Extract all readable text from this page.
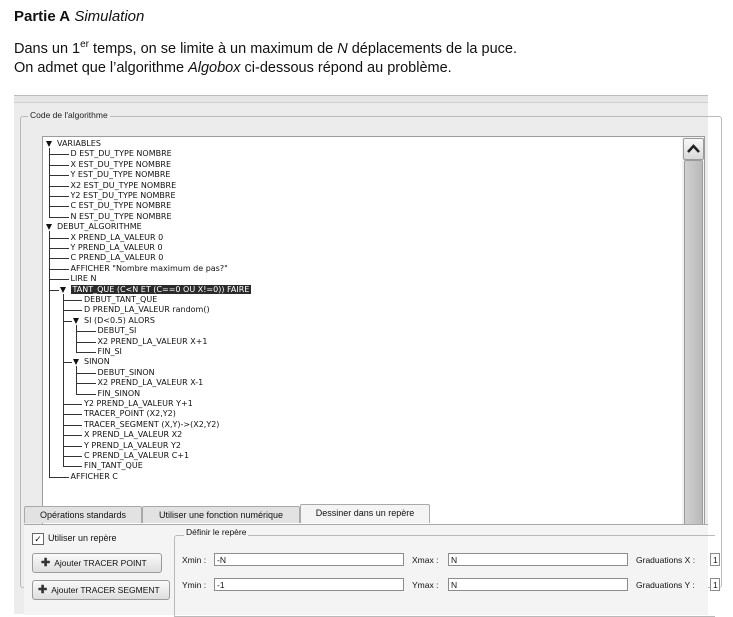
Partie A Simulation
Dans un 1er temps, on se limite à un maximum de N déplacements de la puce.
On admet que l’algorithme Algobox ci-dessous répond au problème.
Code de l'algorithme
VARIABLES
D EST_DU_TYPE NOMBRE
X EST_DU_TYPE NOMBRE
Y EST_DU_TYPE NOMBRE
X2 EST_DU_TYPE NOMBRE
Y2 EST_DU_TYPE NOMBRE
C EST_DU_TYPE NOMBRE
N EST_DU_TYPE NOMBRE
DEBUT_ALGORITHME
X PREND_LA_VALEUR 0
Y PREND_LA_VALEUR 0
C PREND_LA_VALEUR 0
AFFICHER "Nombre maximum de pas?"
LIRE N
TANT_QUE (C<N ET (C==0 OU X!=0)) FAIRE
DEBUT_TANT_QUE
D PREND_LA_VALEUR random()
SI (D<0.5) ALORS
DEBUT_SI
X2 PREND_LA_VALEUR X+1
FIN_SI
SINON
DEBUT_SINON
X2 PREND_LA_VALEUR X-1
FIN_SINON
Y2 PREND_LA_VALEUR Y+1
TRACER_POINT (X2,Y2)
TRACER_SEGMENT (X,Y)->(X2,Y2)
X PREND_LA_VALEUR X2
Y PREND_LA_VALEUR Y2
C PREND_LA_VALEUR C+1
FIN_TANT_QUE
AFFICHER C
Opérations standards	Utiliser une fonction numérique	Dessiner dans un repère
✓ Utiliser un repère
✚ Ajouter TRACER POINT
✚ Ajouter TRACER SEGMENT
Définir le repère
Xmin :	-N	Xmax :	N	Graduations X :	1
Ymin :	-1	Ymax :	N	Graduations Y :	1
